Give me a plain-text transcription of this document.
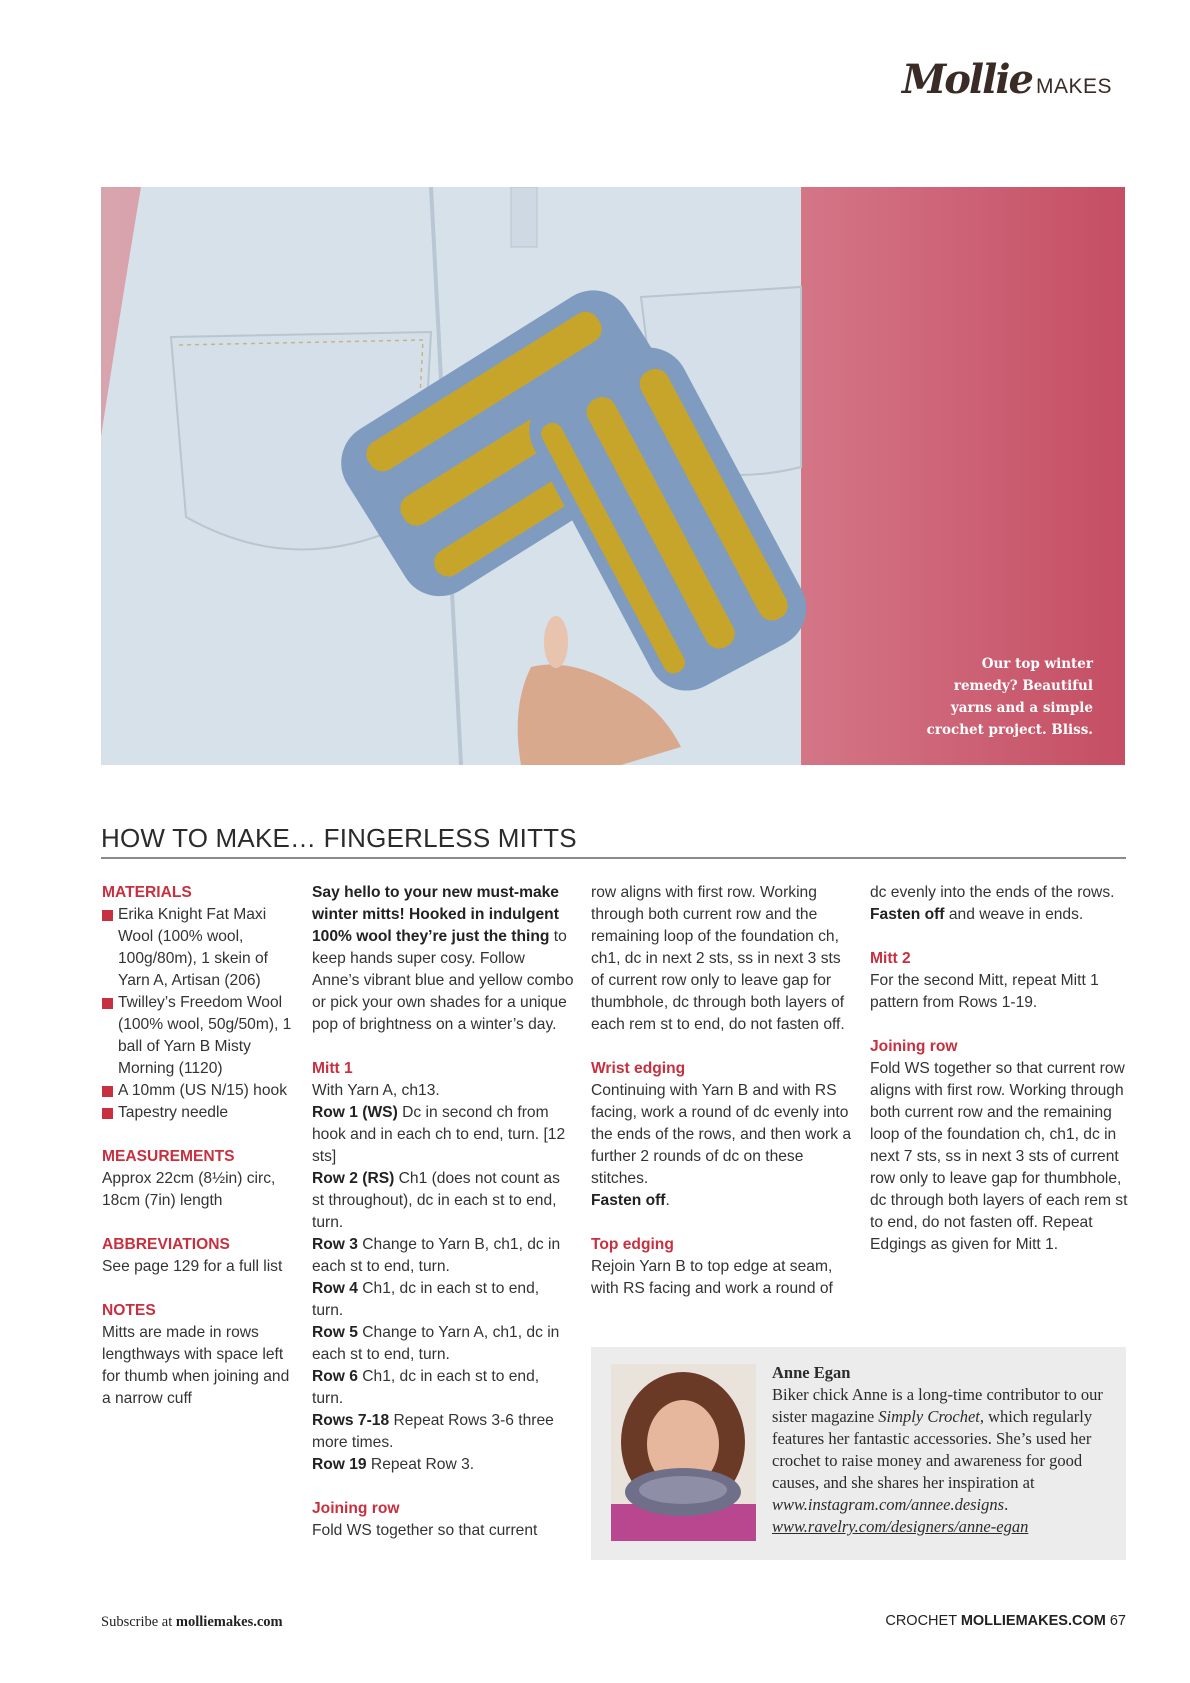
Mollie MAKES
Our top winter
remedy? Beautiful
yarns and a simple
crochet project. Bliss.
HOW TO MAKE… FINGERLESS MITTS

MATERIALS

Erika Knight Fat Maxi Wool (100% wool, 100g/80m), 1 skein of Yarn A, Artisan (206)

Twilley’s Freedom Wool (100% wool, 50g/50m), 1 ball of Yarn B Misty Morning (1120)

A 10mm (US N/15) hook

Tapestry needle

MEASUREMENTS

Approx 22cm (8½in) circ, 18cm (7in) length

ABBREVIATIONS

See page 129 for a full list

NOTES

Mitts are made in rows lengthways with space left for thumb when joining and a narrow cuff

Say hello to your new must-make winter mitts! Hooked in indulgent 100% wool they’re just the thing to keep hands super cosy. Follow Anne’s vibrant blue and yellow combo or pick your own shades for a unique pop of brightness on a winter’s day.

Mitt 1

With Yarn A, ch13.

Row 1 (WS) Dc in second ch from hook and in each ch to end, turn. [12 sts]

Row 2 (RS) Ch1 (does not count as st throughout), dc in each st to end, turn.

Row 3 Change to Yarn B, ch1, dc in each st to end, turn.

Row 4 Ch1, dc in each st to end, turn.

Row 5 Change to Yarn A, ch1, dc in each st to end, turn.

Row 6 Ch1, dc in each st to end, turn.

Rows 7-18 Repeat Rows 3-6 three more times.

Row 19 Repeat Row 3.

Joining row

Fold WS together so that current

row aligns with first row. Working through both current row and the remaining loop of the foundation ch, ch1, dc in next 2 sts, ss in next 3 sts of current row only to leave gap for thumbhole, dc through both layers of each rem st to end, do not fasten off.

Wrist edging

Continuing with Yarn B and with RS facing, work a round of dc evenly into the ends of the rows, and then work a further 2 rounds of dc on these stitches.

Fasten off.

Top edging

Rejoin Yarn B to top edge at seam, with RS facing and work a round of

dc evenly into the ends of the rows.

Fasten off and weave in ends.

Mitt 2

For the second Mitt, repeat Mitt 1 pattern from Rows 1-19.

Joining row

Fold WS together so that current row aligns with first row. Working through both current row and the remaining loop of the foundation ch, ch1, dc in next 7 sts, ss in next 3 sts of current row only to leave gap for thumbhole, dc through both layers of each rem st to end, do not fasten off. Repeat Edgings as given for Mitt 1.

Anne Egan
Biker chick Anne is a long-time contributor to our sister magazine Simply Crochet, which regularly features her fantastic accessories. She’s used her crochet to raise money and awareness for good causes, and she shares her inspiration at www.instagram.com/annee.designs. www.ravelry.com/designers/anne-egan
Subscribe at molliemakes.com	CROCHET MOLLIEMAKES.COM 67
